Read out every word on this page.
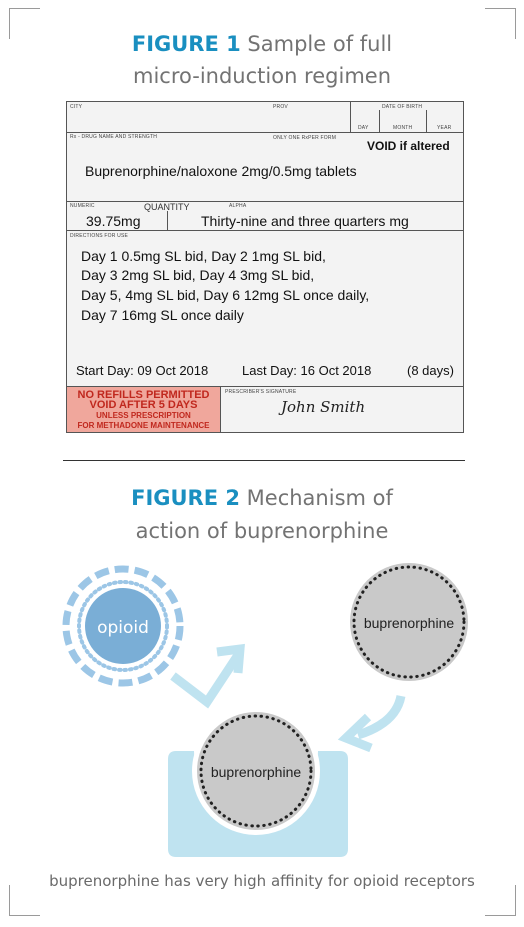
FIGURE 1 Sample of full
micro-induction regimen
CITY	PROV	DATE OF BIRTH
DAY	MONTH	YEAR
Rx - DRUG NAME AND STRENGTH	ONLY ONE RxPER FORM
VOID if altered
Buprenorphine/naloxone 2mg/0.5mg tablets
NUMERIC	QUANTITY	ALPHA
39.75mg	Thirty-nine and three quarters mg
DIRECTIONS FOR USE
Day 1 0.5mg SL bid, Day 2 1mg SL bid,
Day 3 2mg SL bid, Day 4 3mg SL bid,
Day 5, 4mg SL bid, Day 6 12mg SL once daily,
Day 7 16mg SL once daily
Start Day: 09 Oct 2018	Last Day: 16 Oct 2018	(8 days)
NO REFILLS PERMITTED
VOID AFTER 5 DAYS
UNLESS PRESCRIPTION
FOR METHADONE MAINTENANCE
PRESCRIBER'S SIGNATURE
John Smith
FIGURE 2 Mechanism of
action of buprenorphine
opioid	buprenorphine
buprenorphine
buprenorphine has very high affinity for opioid receptors
